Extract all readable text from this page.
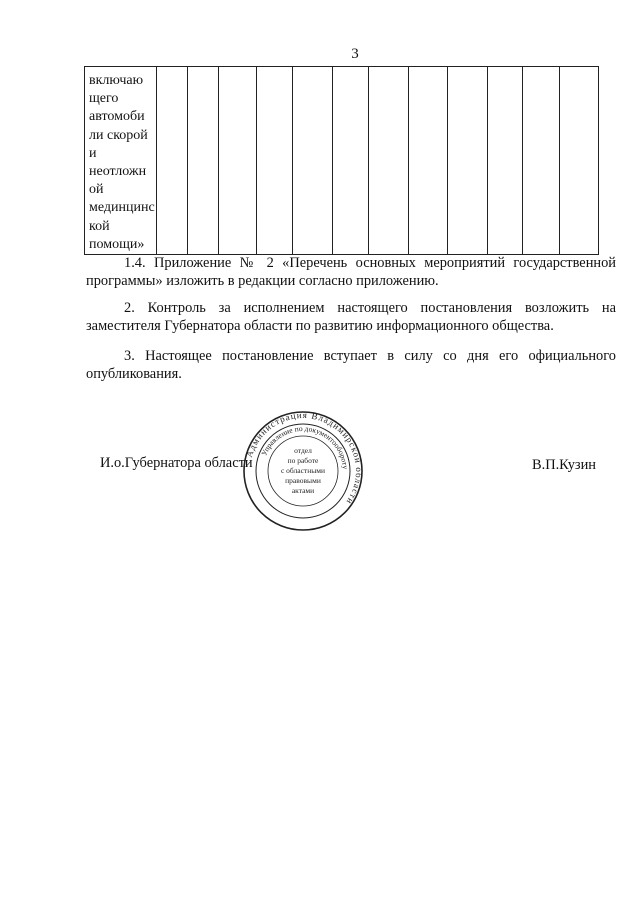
3

включаю
щего
автомоби
ли скорой
и
неотложн
ой
мединцинс
кой
помощи»

1.4. Приложение № 2 «Перечень основных мероприятий государственной программы» изложить в редакции согласно приложению.

2. Контроль за исполнением настоящего постановления возложить на заместителя Губернатора области по развитию информационного общества.

3. Настоящее постановление вступает в силу со дня его официального опубликования.

И.о.Губернатора области
Администрация Владимирской области
Управление по документообороту
отдел
по работе
с областными
правовыми
актами
В.П.Кузин
